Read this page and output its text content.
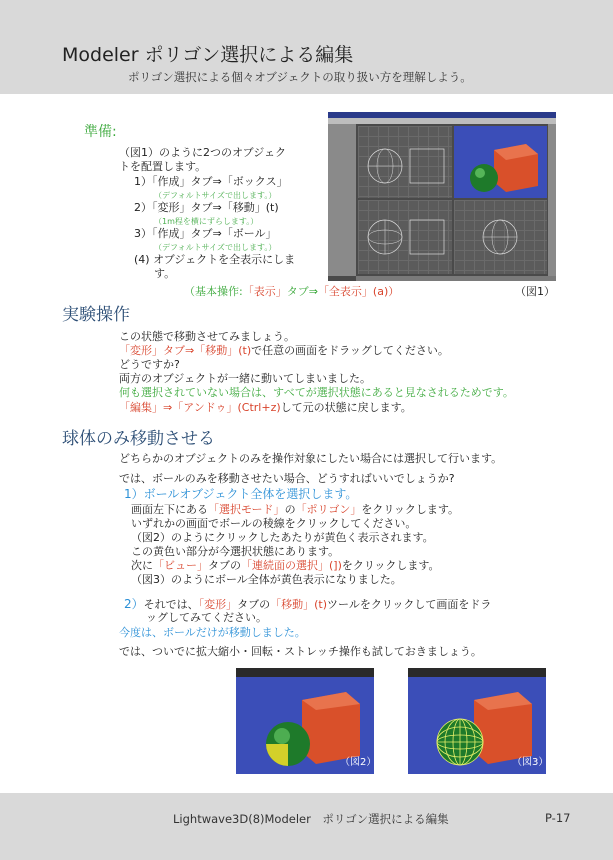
Modeler ポリゴン選択による編集
ポリゴン選択による個々オブジェクトの取り扱い方を理解しよう。
準備:
（図1）のように2つのオブジェク
トを配置します。
1）「作成」タブ⇒「ボックス」
（デフォルトサイズで出します。）
2）「変形」タブ⇒「移動」(t)
（1m程を横にずらします。）
3）「作成」タブ⇒「ボール」
（デフォルトサイズで出します。）
(4) オブジェクトを全表示にしま
す。
（基本操作:「表示」タブ⇒「全表示」(a)）	（図1）
実験操作
この状態で移動させてみましょう。
「変形」タブ⇒「移動」(t)で任意の画面をドラッグしてください。
どうですか?
両方のオブジェクトが一緒に動いてしまいました。
何も選択されていない場合は、すべてが選択状態にあると見なされるためです。
「編集」⇒「アンドゥ」(Ctrl+z)して元の状態に戻します。
球体のみ移動させる
どちらかのオブジェクトのみを操作対象にしたい場合には選択して行います。
では、ボールのみを移動させたい場合、どうすればいいでしょうか?
1）ボールオブジェクト全体を選択します。
画面左下にある「選択モード」の「ポリゴン」をクリックします。
いずれかの画面でボールの稜線をクリックしてください。
（図2）のようにクリックしたあたりが黄色く表示されます。
この黄色い部分が今選択状態にあります。
次に「ビュー」タブの「連続面の選択」(])をクリックします。
（図3）のようにボール全体が黄色表示になりました。
2）それでは、「変形」タブの「移動」(t)ツールをクリックして画面をドラ
ッグしてみてください。
今度は、ボールだけが移動しました。
では、ついでに拡大縮小・回転・ストレッチ操作も試しておきましょう。
（図2）	（図3）
Lightwave3D(8)Modeler　ポリゴン選択による編集	P-17
